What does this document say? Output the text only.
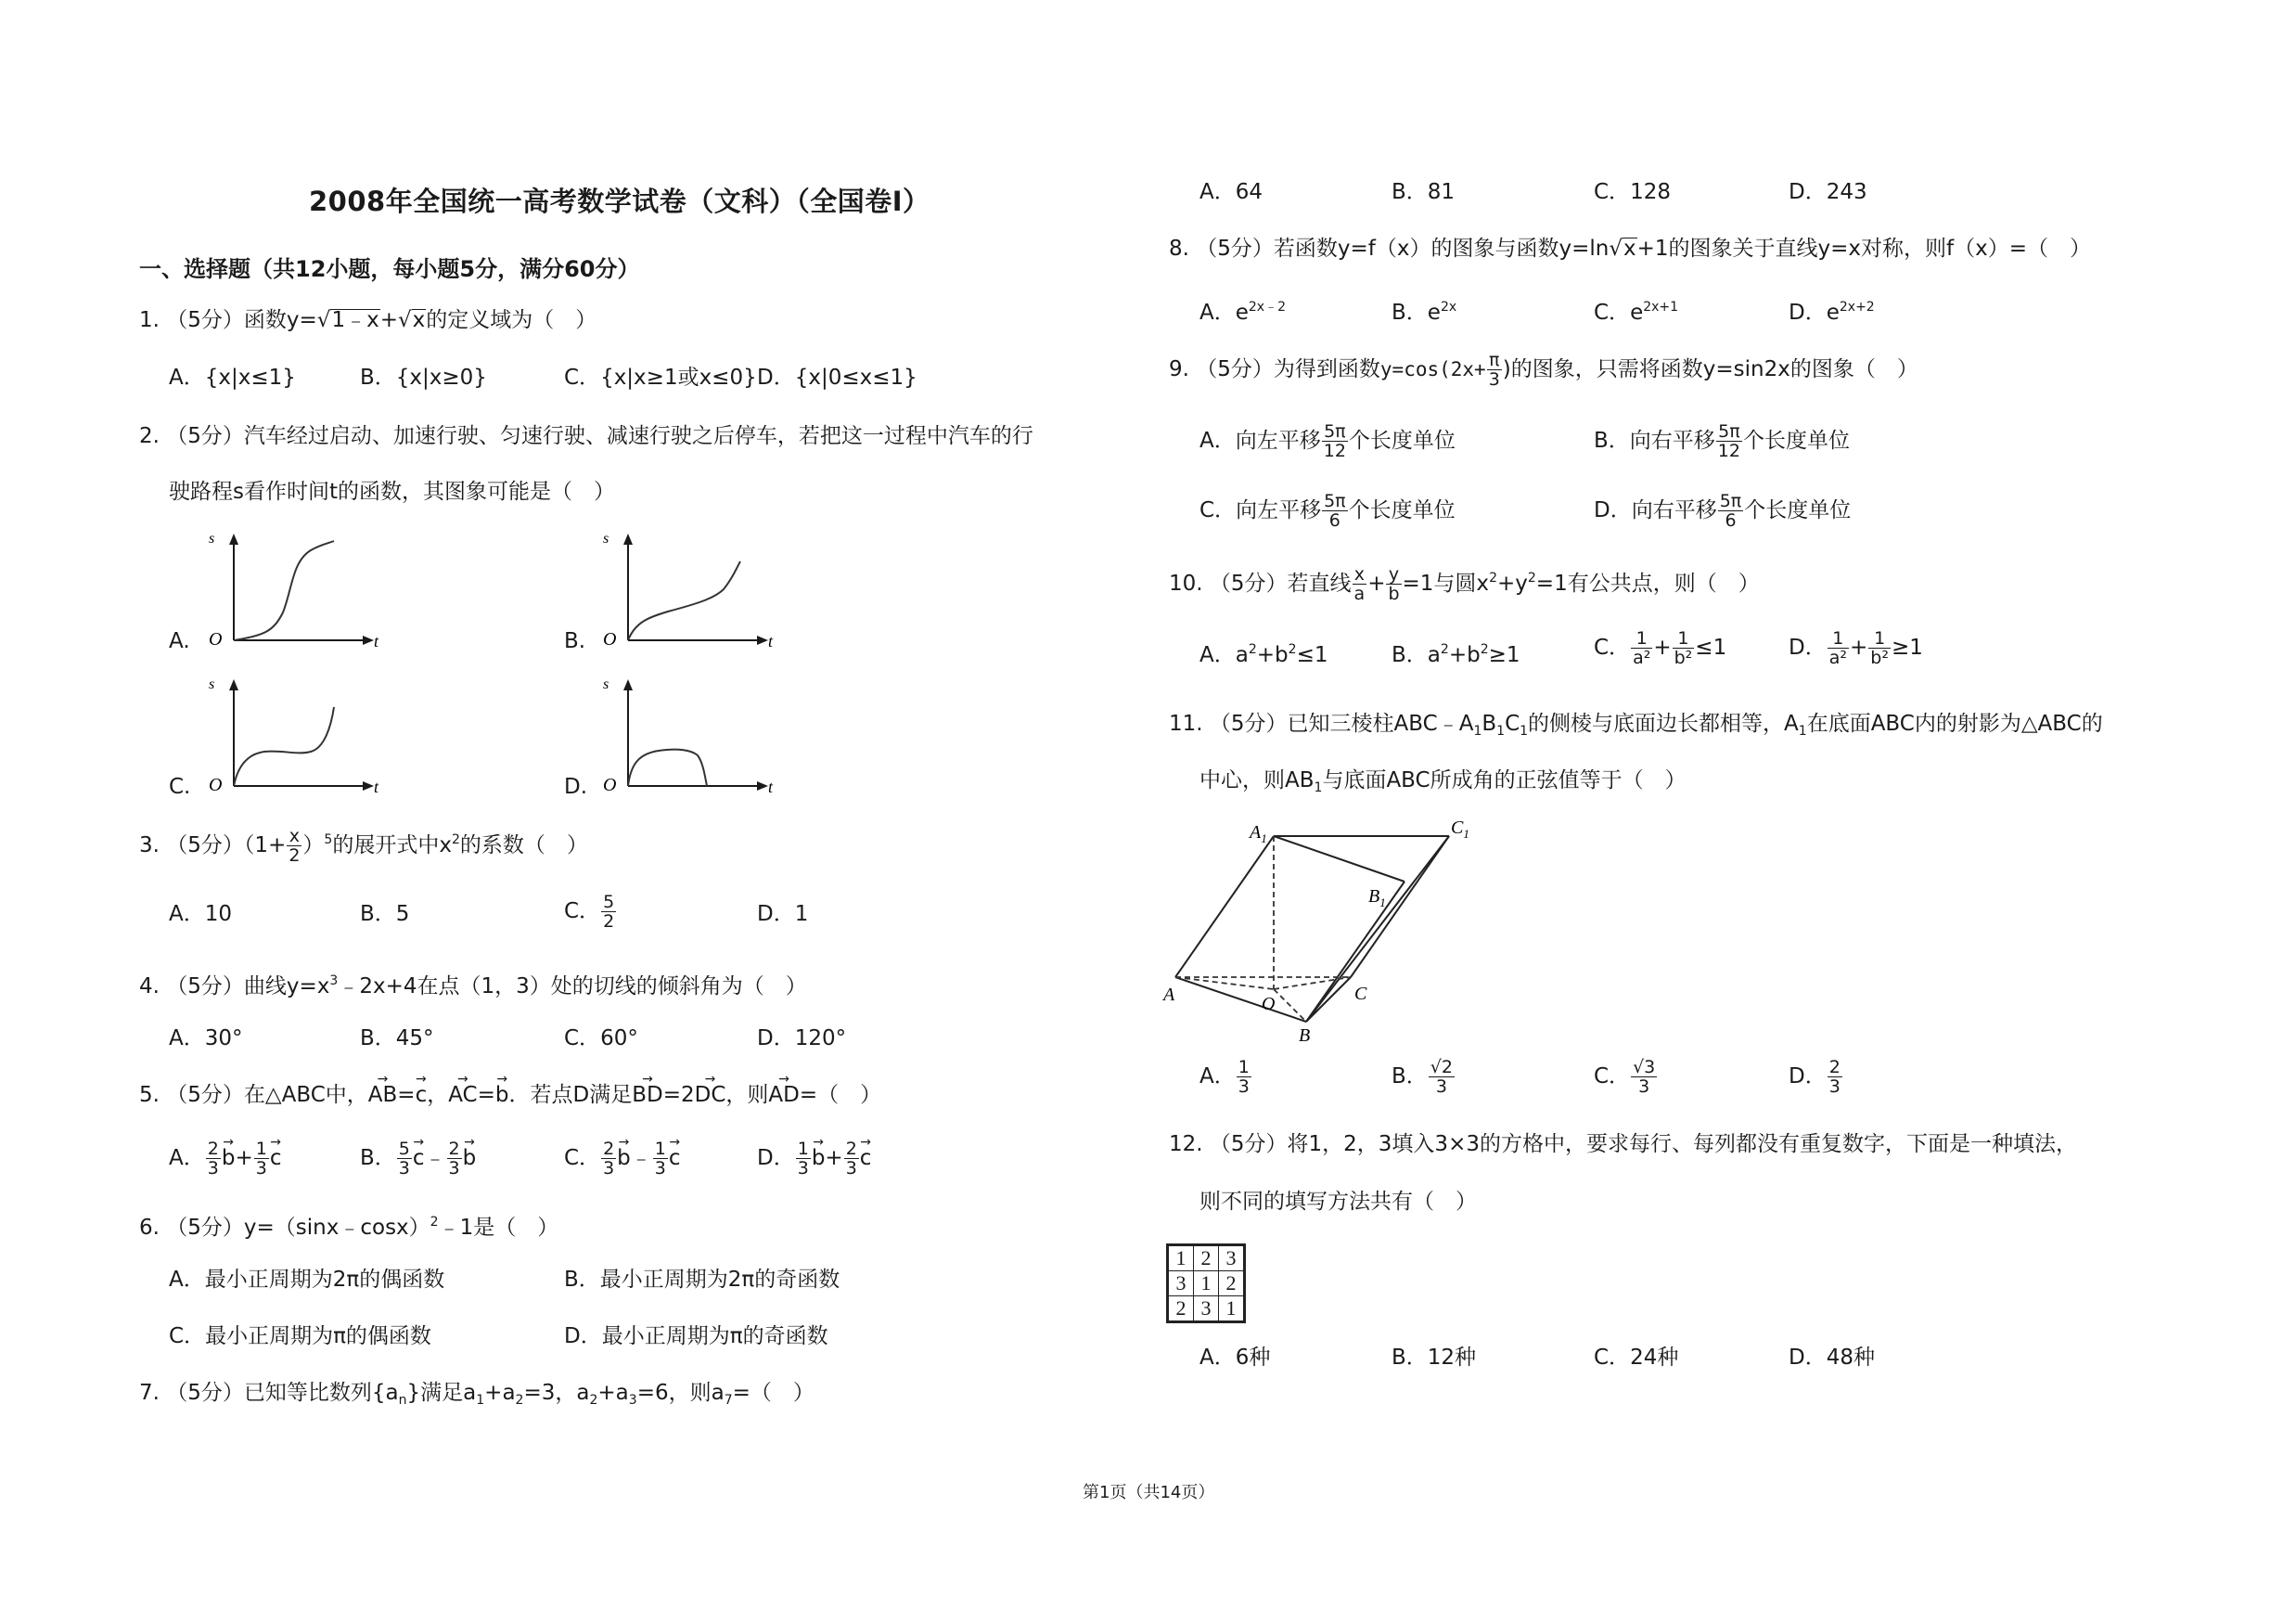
2008年全国统一高考数学试卷（文科）（全国卷Ⅰ）
一、选择题（共12小题，每小题5分，满分60分）
1. （5分）函数y=√1﹣x+√x的定义域为（　）
A．{x|x≤1}	B．{x|x≥0}	C．{x|x≥1或x≤0} D．{x|0≤x≤1}
2. （5分）汽车经过启动、加速行驶、匀速行驶、减速行驶之后停车，若把这一过程中汽车的行
驶路程s看作时间t的函数，其图象可能是（　）
A.
s
O	t	B.
s
O	t
C.
s
O	t	D.
s
O	t
3. （5分）$(1+ \frac{x}{2} )^5$的展开式中$x^2$的系数（　）
A．10	B．5	C． $\frac{5}{2}$	D．1
4. （5分）曲线$y=x^3﹣2x+4$在点（1，3）处的切线的倾斜角为（　）
A．30°	B．45°	C．60°	D．120°
5. （5分）在△ABC中，→ AB=→ c，→ AC=→ b．若点D满足→ BD=2→ DC，则→ AD=（　）
A． $\frac{2}{3} \to b+ \frac{1}{3} \to c$	B． $\frac{5}{3}$ → c﹣ $\frac{2}{3} \to b$	C． $\frac{2}{3}$ → b﹣ $\frac{1}{3} \to c$	D． $\frac{1}{3} \to b+ \frac{2}{3} \to c$
6. （5分）y=（sinx﹣cosx）$^2$﹣1是（　）
A．最小正周期为2π的偶函数	B．最小正周期为2π的奇函数
C．最小正周期为π的偶函数	D．最小正周期为π的奇函数
7. （5分）已知等比数列$\{a_n\}$满足$a_1+a_2=3$，$a_2+a_3=6$，则$a_7=$（　）
A．64	B．81	C．128	D．243
8. （5分）若函数y=f（x）的图象与函数y=ln√x+1的图象关于直线y=x对称，则f（x）=（　）
A．$e^{2x﹣2}$	B．$e^{2x}$	C．$e^{2x+1}$	D．$e^{2x+2}$
9. （5分）为得到函数$y=\cos(2x+ \frac{\pi}{3}$ )的图象，只需将函数y=sin2x的图象（　）
A．向左平移 $\frac{5\pi}{12}$ 个长度单位	B．向右平移 $\frac{5\pi}{12}$ 个长度单位
C．向左平移 $\frac{5\pi}{6}$ 个长度单位	D．向右平移 $\frac{5\pi}{6}$ 个长度单位
10. （5分）若直线 $\frac{x}{a} + \frac{y}{b} =1$与圆$x^2+y^2=1$有公共点，则（　）
A．$a^2+b^2\le 1$	B．$a^2+b^2\ge 1$	C． $\frac{1}{\text{a²}} + \frac{1}{\text{b²}} \le 1$	D． $\frac{1}{\text{a²}} + \frac{1}{\text{b²}} \ge 1$
11. （5分）已知三棱柱$ABC﹣A_1B_1C_1$的侧棱与底面边长都相等，$A_1$在底面ABC内的射影为△ABC的
中心，则$AB_1$与底面ABC所成角的正弦值等于（　）
$A_1$
$C_1$
$B_1$
A	C
O
B
A． $\frac{1}{3}$	B． $\frac{√2}{3}$	C． $\frac{√3}{3}$	D． $\frac{2}{3}$
12. （5分）将1，2，3填入3×3的方格中，要求每行、每列都没有重复数字，下面是一种填法，
则不同的填写方法共有（　）
1	2	3
3	1	2
2	3	1
A．6种	B．12种	C．24种	D．48种
第1页（共14页）
